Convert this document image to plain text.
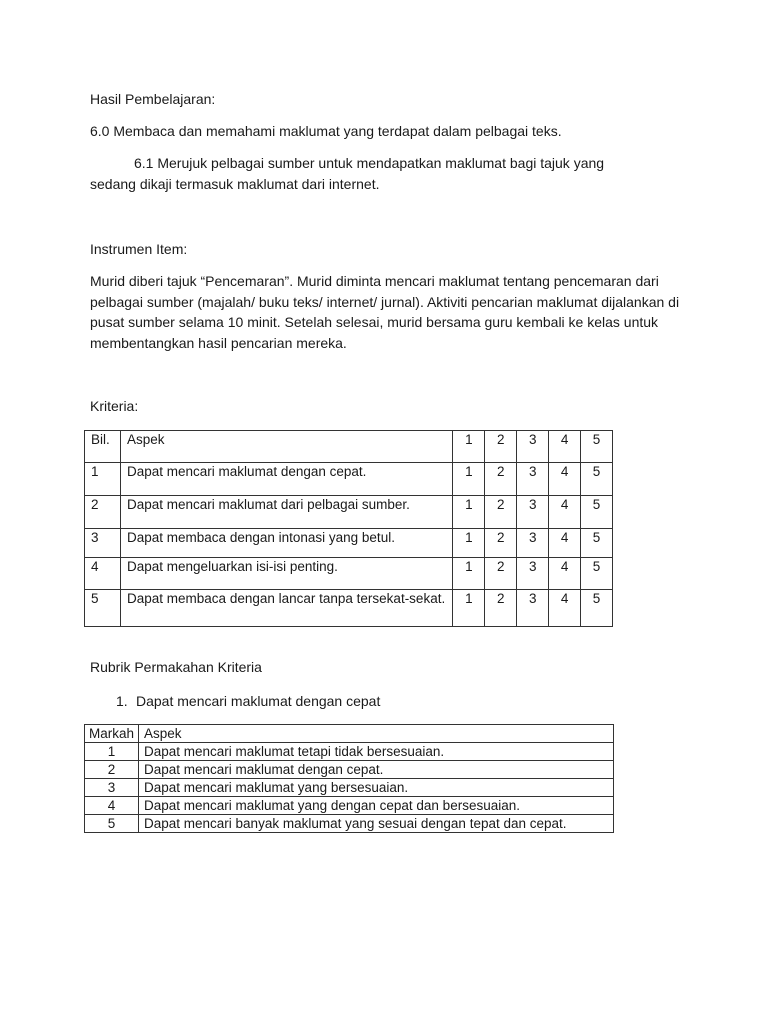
Hasil Pembelajaran:

6.0 Membaca dan memahami maklumat yang terdapat dalam pelbagai teks.

6.1 Merujuk pelbagai sumber untuk mendapatkan maklumat bagi tajuk yang

sedang dikaji termasuk maklumat dari internet.

Instrumen Item:

Murid diberi tajuk “Pencemaran”. Murid diminta mencari maklumat tentang pencemaran dari pelbagai sumber (majalah/ buku teks/ internet/ jurnal). Aktiviti pencarian maklumat dijalankan di pusat sumber selama 10 minit. Setelah selesai, murid bersama guru kembali ke kelas untuk membentangkan hasil pencarian mereka.

Kriteria:

Bil.	Aspek	1	2	3	4	5
1	Dapat mencari maklumat dengan cepat.	1	2	3	4	5
2	Dapat mencari maklumat dari pelbagai sumber.	1	2	3	4	5
3	Dapat membaca dengan intonasi yang betul.	1	2	3	4	5
4	Dapat mengeluarkan isi-isi penting.	1	2	3	4	5
5	Dapat membaca dengan lancar tanpa tersekat-sekat.	1	2	3	4	5

Rubrik Permakahan Kriteria

1. Dapat mencari maklumat dengan cepat

Markah	Aspek
1	Dapat mencari maklumat tetapi tidak bersesuaian.
2	Dapat mencari maklumat dengan cepat.
3	Dapat mencari maklumat yang bersesuaian.
4	Dapat mencari maklumat yang dengan cepat dan bersesuaian.
5	Dapat mencari banyak maklumat yang sesuai dengan tepat dan cepat.
